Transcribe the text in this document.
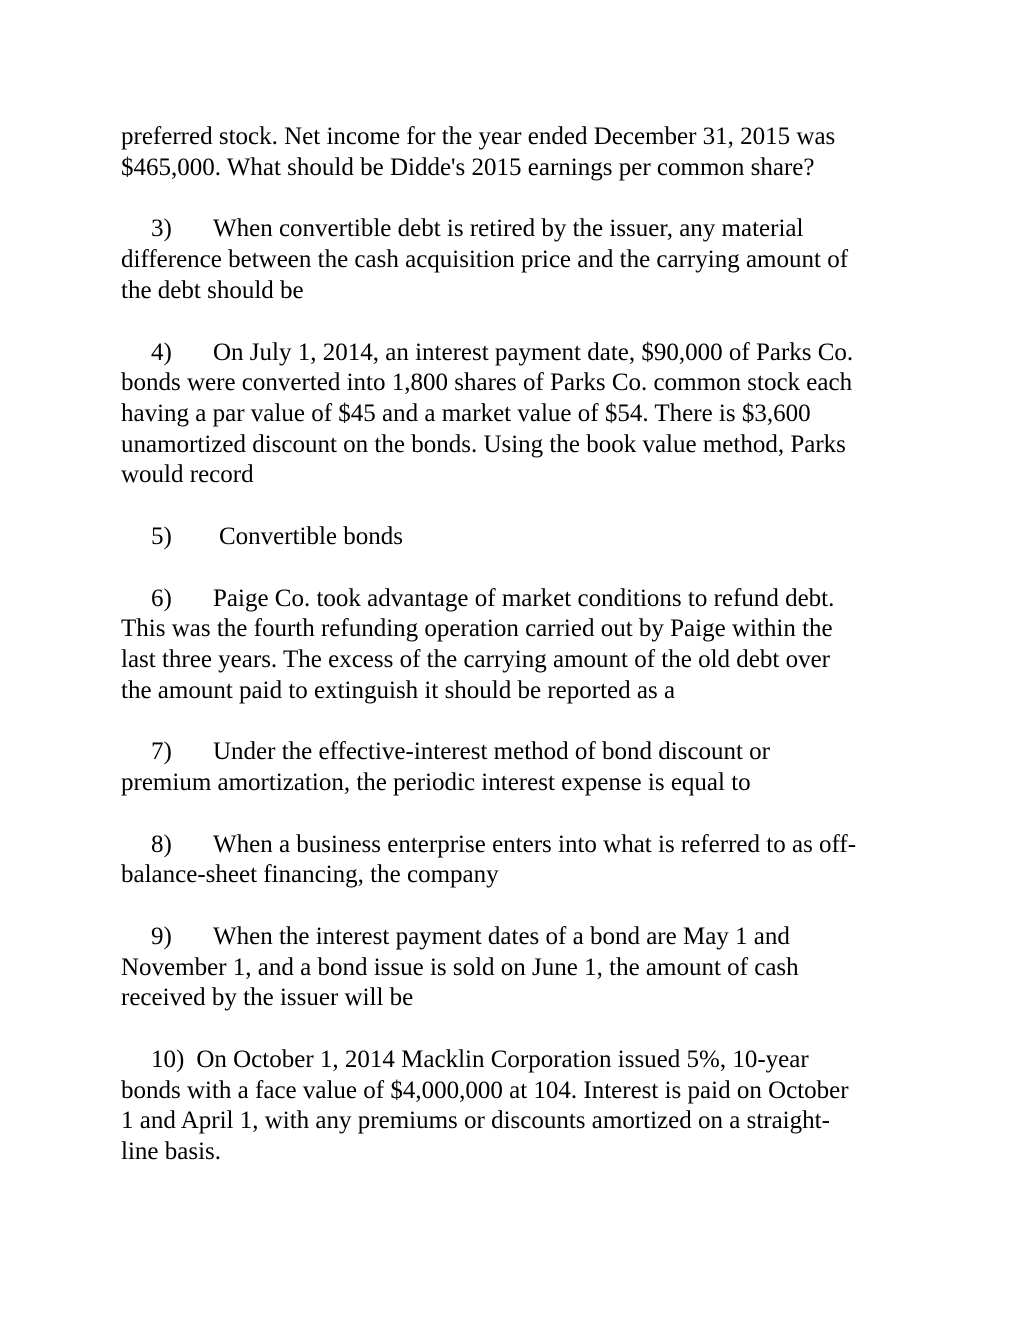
preferred stock. Net income for the year ended December 31, 2015 was

$465,000. What should be Didde's 2015 earnings per common share?

3) When convertible debt is retired by the issuer, any material

difference between the cash acquisition price and the carrying amount of

the debt should be

4) On July 1, 2014, an interest payment date, $90,000 of Parks Co.

bonds were converted into 1,800 shares of Parks Co. common stock each

having a par value of $45 and a market value of $54. There is $3,600

unamortized discount on the bonds. Using the book value method, Parks

would record

5) Convertible bonds

6) Paige Co. took advantage of market conditions to refund debt.

This was the fourth refunding operation carried out by Paige within the

last three years. The excess of the carrying amount of the old debt over

the amount paid to extinguish it should be reported as a

7) Under the effective-interest method of bond discount or

premium amortization, the periodic interest expense is equal to

8) When a business enterprise enters into what is referred to as off-

balance-sheet financing, the company

9) When the interest payment dates of a bond are May 1 and

November 1, and a bond issue is sold on June 1, the amount of cash

received by the issuer will be

10) On October 1, 2014 Macklin Corporation issued 5%, 10-year

bonds with a face value of $4,000,000 at 104. Interest is paid on October

1 and April 1, with any premiums or discounts amortized on a straight-

line basis.
